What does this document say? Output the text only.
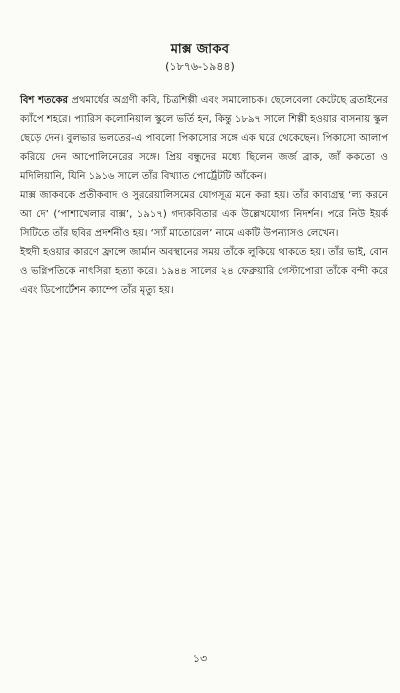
মাক্স জাকব
(১৮৭৬-১৯৪৪)

বিশ শতকের প্রথমার্ধের অগ্রণী কবি, চিত্রশিল্পী এবং সমালোচক। ছেলেবেলা কেটেছে ব্রতাইনের ক্যাঁপে শহরে। প্যারিস কলোনিয়াল স্কুলে ভর্তি হন, কিন্তু ১৮৯৭ সালে শিল্পী হওয়ার বাসনায় স্কুল ছেড়ে দেন। বুলভার ভলতের-এ পাবলো পিকাসোর সঙ্গে এক ঘরে থেকেছেন। পিকাসো আলাপ করিয়ে দেন আপোলিনেরের সঙ্গে। প্রিয় বন্ধুদের মধ্যে ছিলেন জর্জ ব্রাক, জাঁ ককতো ও মদিলিয়ানি, যিনি ১৯১৬ সালে তাঁর বিখ্যাত পোর্ট্রেটটি আঁকেন।

মাক্স জাকবকে প্রতীকবাদ ও সুররেয়ালিসমের যোগসূত্র মনে করা হয়। তাঁর কাব্যগ্রন্থ ‘ল্য করনে আ দে’ (‘পাশাখেলার বাক্স’, ১৯১৭) গদ্যকবিতার এক উল্লেখযোগ্য নিদর্শন। পরে নিউ ইয়র্ক সিটিতে তাঁর ছবির প্রদর্শনীও হয়। ‘স্যাঁ মাতোরেল’ নামে একটি উপন্যাসও লেখেন।

ইহুদী হওয়ার কারণে ফ্রান্সে জার্মান অবস্থানের সময় তাঁকে লুকিয়ে থাকতে হয়। তাঁর ভাই, বোন ও ভগ্নিপতিকে নাৎসিরা হত্যা করে। ১৯৪৪ সালের ২৪ ফেব্রুয়ারি গেস্টাপোরা তাঁকে বন্দী করে এবং ডিপোর্টেশন ক্যাম্পে তাঁর মৃত্যু হয়।

১৩
